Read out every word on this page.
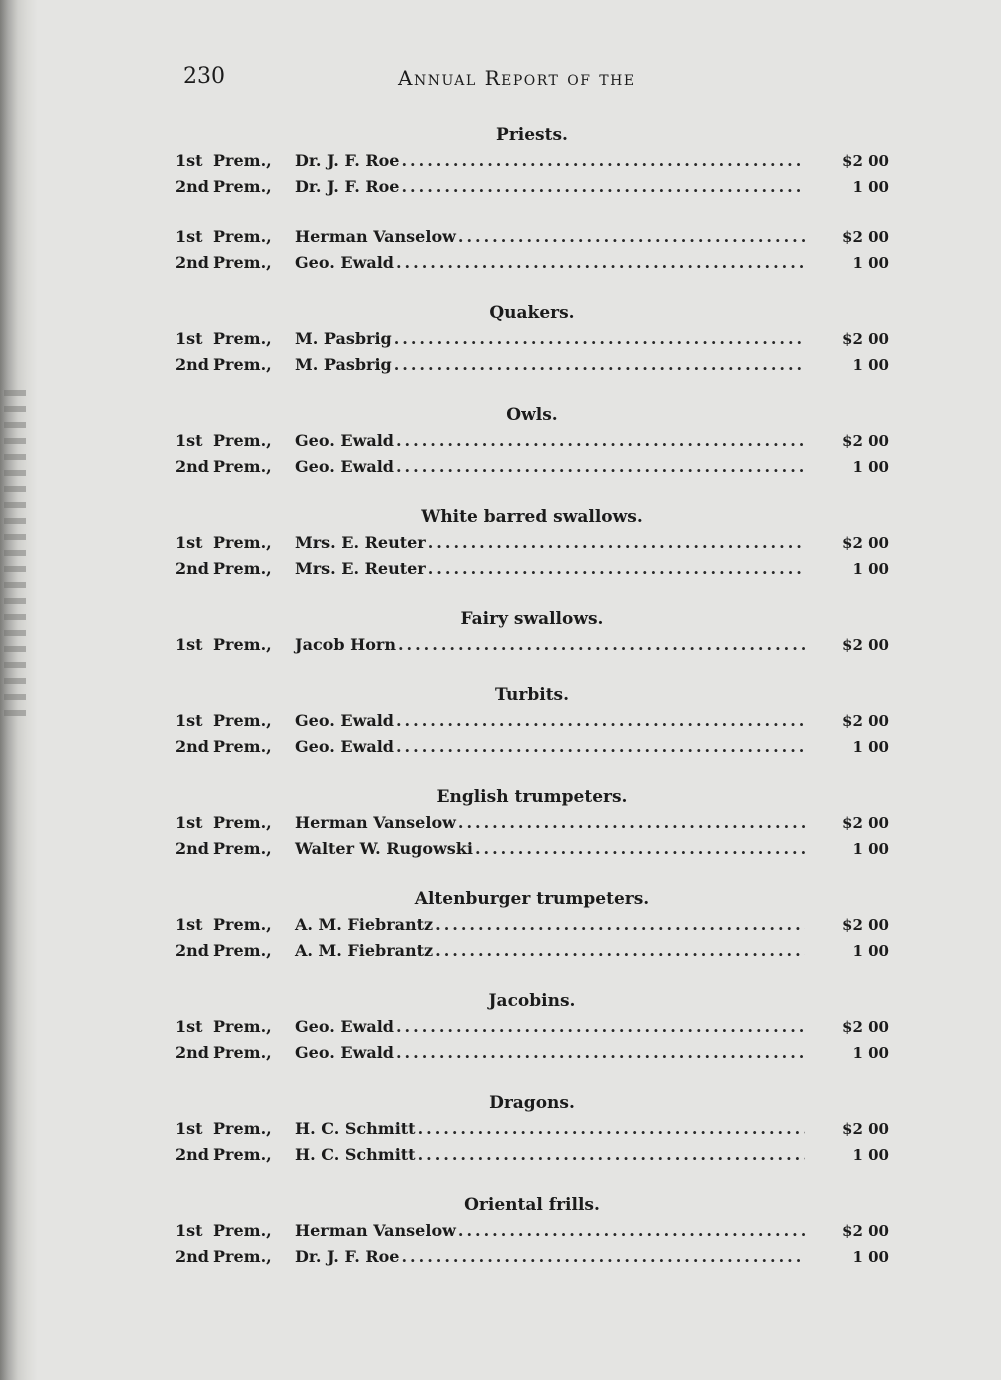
230	Annual Report of the
Priests.
1st Prem.,	Dr. J. F. Roe .....	$2 00
2nd Prem.,	Dr. J. F. Roe .....	1 00
1st Prem.,	Herman Vanselow .....	$2 00
2nd Prem.,	Geo. Ewald .....	1 00
Quakers.
1st Prem.,	M. Pasbrig .....	$2 00
2nd Prem.,	M. Pasbrig .....	1 00
Owls.
1st Prem.,	Geo. Ewald .....	$2 00
2nd Prem.,	Geo. Ewald .....	1 00
White barred swallows.
1st Prem.,	Mrs. E. Reuter .....	$2 00
2nd Prem.,	Mrs. E. Reuter .....	1 00
Fairy swallows.
1st Prem.,	Jacob Horn .....	$2 00
Turbits.
1st Prem.,	Geo. Ewald .....	$2 00
2nd Prem.,	Geo. Ewald .....	1 00
English trumpeters.
1st Prem.,	Herman Vanselow .....	$2 00
2nd Prem.,	Walter W. Rugowski .....	1 00
Altenburger trumpeters.
1st Prem.,	A. M. Fiebrantz .....	$2 00
2nd Prem.,	A. M. Fiebrantz .....	1 00
Jacobins.
1st Prem.,	Geo. Ewald .....	$2 00
2nd Prem.,	Geo. Ewald .....	1 00
Dragons.
1st Prem.,	H. C. Schmitt .....	$2 00
2nd Prem.,	H. C. Schmitt .....	1 00
Oriental frills.
1st Prem.,	Herman Vanselow .....	$2 00
2nd Prem.,	Dr. J. F. Roe .....	1 00
